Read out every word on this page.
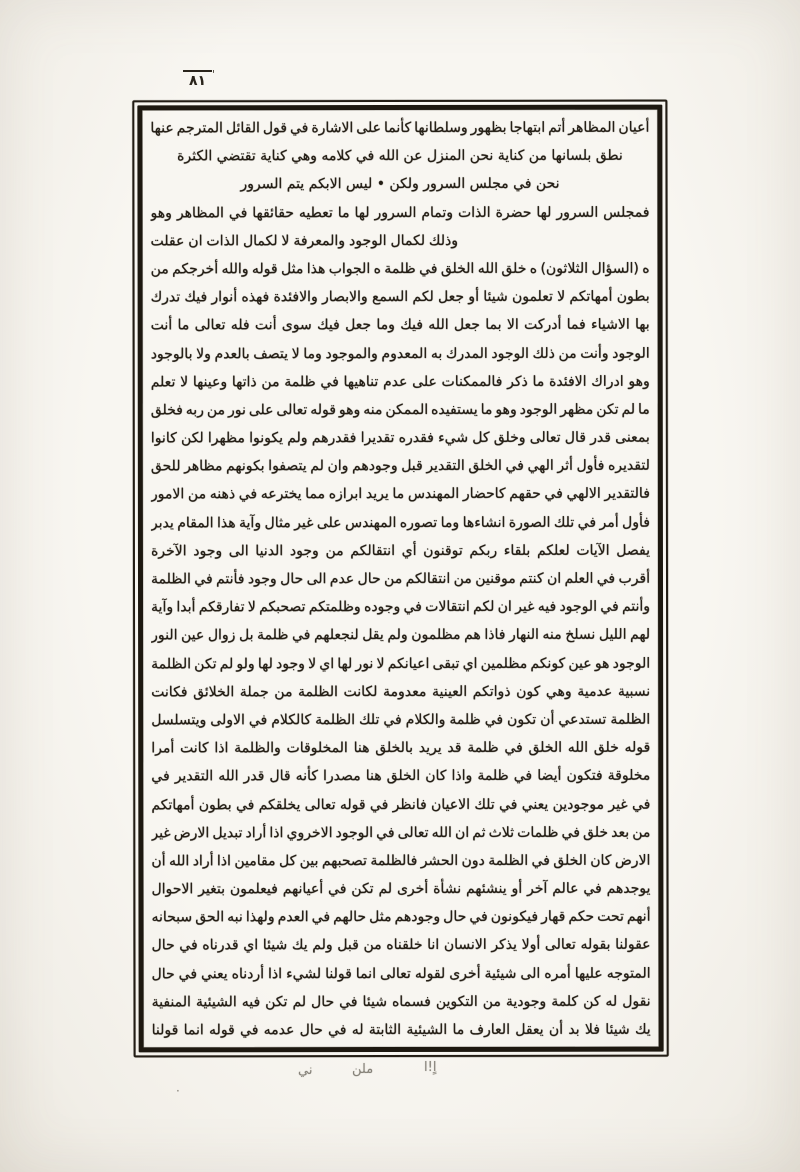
٨١ '
أعيان المظاهر أتم ابتهاجا بظهور وسلطانها كأنما على الاشارة في قول القائل المترجم عنها
نطق بلسانها من كناية نحن المنزل عن الله في كلامه وهي كناية تقتضي الكثرة
نحن في مجلس السرور ولكن • ليس الابكم يتم السرور
فمجلس السرور لها حضرة الذات وتمام السرور لها ما تعطيه حقائقها في المظاهر وهو
وذلك لكمال الوجود والمعرفة لا لكمال الذات ان عقلت
ه (السؤال الثلاثون) ه خلق الله الخلق في ظلمة ه الجواب هذا مثل قوله والله أخرجكم من
بطون أمهاتكم لا تعلمون شيئا أو جعل لكم السمع والابصار والافئدة فهذه أنوار فيك تدرك
بها الاشياء فما أدركت الا بما جعل الله فيك وما جعل فيك سوى أنت فله تعالى ما أنت
الوجود وأنت من ذلك الوجود المدرك به المعدوم والموجود وما لا يتصف بالعدم ولا بالوجود
وهو ادراك الافئدة ما ذكر فالممكنات على عدم تناهيها في ظلمة من ذاتها وعينها لا تعلم
ما لم تكن مظهر الوجود وهو ما يستفيده الممكن منه وهو قوله تعالى على نور من ربه فخلق
بمعنى قدر قال تعالى وخلق كل شيء فقدره تقديرا فقدرهم ولم يكونوا مظهرا لكن كانوا
لتقديره فأول أثر الهي في الخلق التقدير قبل وجودهم وان لم يتصفوا بكونهم مظاهر للحق
فالتقدير الالهي في حقهم كاحضار المهندس ما يريد ابرازه مما يخترعه في ذهنه من الامور
فأول أمر في تلك الصورة انشاءها وما تصوره المهندس على غير مثال وآية هذا المقام يدبر
يفصل الآيات لعلكم بلقاء ربكم توقنون أي انتقالكم من وجود الدنيا الى وجود الآخرة
أقرب في العلم ان كنتم موقنين من انتقالكم من حال عدم الى حال وجود فأنتم في الظلمة
وأنتم في الوجود فيه غير ان لكم انتقالات في وجوده وظلمتكم تصحبكم لا تفارقكم أبدا وآية
لهم الليل نسلخ منه النهار فاذا هم مظلمون ولم يقل لنجعلهم في ظلمة بل زوال عين النور
الوجود هو عين كونكم مظلمين اي تبقى اعيانكم لا نور لها اي لا وجود لها ولو لم تكن الظلمة
نسبية عدمية وهي كون ذواتكم العينية معدومة لكانت الظلمة من جملة الخلائق فكانت
الظلمة تستدعي أن تكون في ظلمة والكلام في تلك الظلمة كالكلام في الاولى ويتسلسل
قوله خلق الله الخلق في ظلمة قد يريد بالخلق هنا المخلوقات والظلمة اذا كانت أمرا
مخلوقة فتكون أيضا في ظلمة واذا كان الخلق هنا مصدرا كأنه قال قدر الله التقدير في
في غير موجودين يعني في تلك الاعيان فانظر في قوله تعالى يخلقكم في بطون أمهاتكم
من بعد خلق في ظلمات ثلاث ثم ان الله تعالى في الوجود الاخروي اذا أراد تبديل الارض غير
الارض كان الخلق في الظلمة دون الحشر فالظلمة تصحبهم بين كل مقامين اذا أراد الله أن
يوجدهم في عالم آخر أو ينشئهم نشأة أخرى لم تكن في أعيانهم فيعلمون بتغير الاحوال
أنهم تحت حكم قهار فيكونون في حال وجودهم مثل حالهم في العدم ولهذا نبه الحق سبحانه
عقولنا بقوله تعالى أولا يذكر الانسان انا خلقناه من قبل ولم يك شيئا اي قدرناه في حال
المتوجه عليها أمره الى شيئية أخرى لقوله تعالى انما قولنا لشيء اذا أردناه يعني في حال
نقول له كن كلمة وجودية من التكوين فسماه شيئا في حال لم تكن فيه الشيئية المنفية
يك شيئا فلا بد أن يعقل العارف ما الشيئية الثابتة له في حال عدمه في قوله انما قولنا
اٍ!ا
ملن
ني
·
